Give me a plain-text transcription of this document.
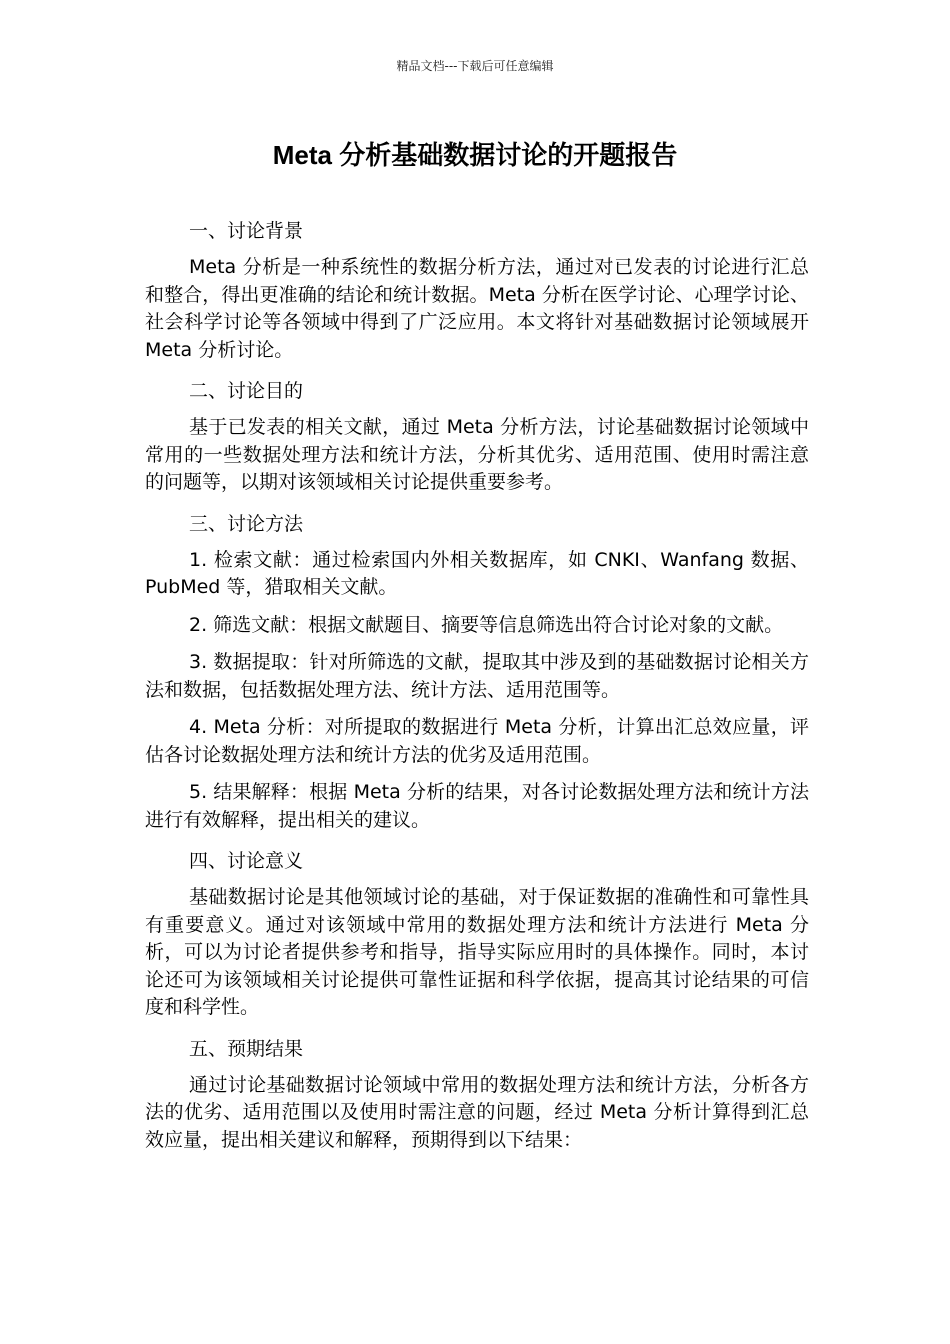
精品文档---下载后可任意编辑
Meta 分析基础数据讨论的开题报告

一、讨论背景

Meta 分析是一种系统性的数据分析方法，通过对已发表的讨论进行汇总和整合，得出更准确的结论和统计数据。Meta 分析在医学讨论、心理学讨论、社会科学讨论等各领域中得到了广泛应用。本文将针对基础数据讨论领域展开 Meta 分析讨论。

二、讨论目的

基于已发表的相关文献，通过 Meta 分析方法，讨论基础数据讨论领域中常用的一些数据处理方法和统计方法，分析其优劣、适用范围、使用时需注意的问题等，以期对该领域相关讨论提供重要参考。

三、讨论方法

1. 检索文献：通过检索国内外相关数据库，如 CNKI、Wanfang 数据、PubMed 等，猎取相关文献。

2. 筛选文献：根据文献题目、摘要等信息筛选出符合讨论对象的文献。

3. 数据提取：针对所筛选的文献，提取其中涉及到的基础数据讨论相关方法和数据，包括数据处理方法、统计方法、适用范围等。

4. Meta 分析：对所提取的数据进行 Meta 分析，计算出汇总效应量，评估各讨论数据处理方法和统计方法的优劣及适用范围。

5. 结果解释：根据 Meta 分析的结果，对各讨论数据处理方法和统计方法进行有效解释，提出相关的建议。

四、讨论意义

基础数据讨论是其他领域讨论的基础，对于保证数据的准确性和可靠性具有重要意义。通过对该领域中常用的数据处理方法和统计方法进行 Meta 分析，可以为讨论者提供参考和指导，指导实际应用时的具体操作。同时，本讨论还可为该领域相关讨论提供可靠性证据和科学依据，提高其讨论结果的可信度和科学性。

五、预期结果

通过讨论基础数据讨论领域中常用的数据处理方法和统计方法，分析各方法的优劣、适用范围以及使用时需注意的问题，经过 Meta 分析计算得到汇总效应量，提出相关建议和解释，预期得到以下结果：
